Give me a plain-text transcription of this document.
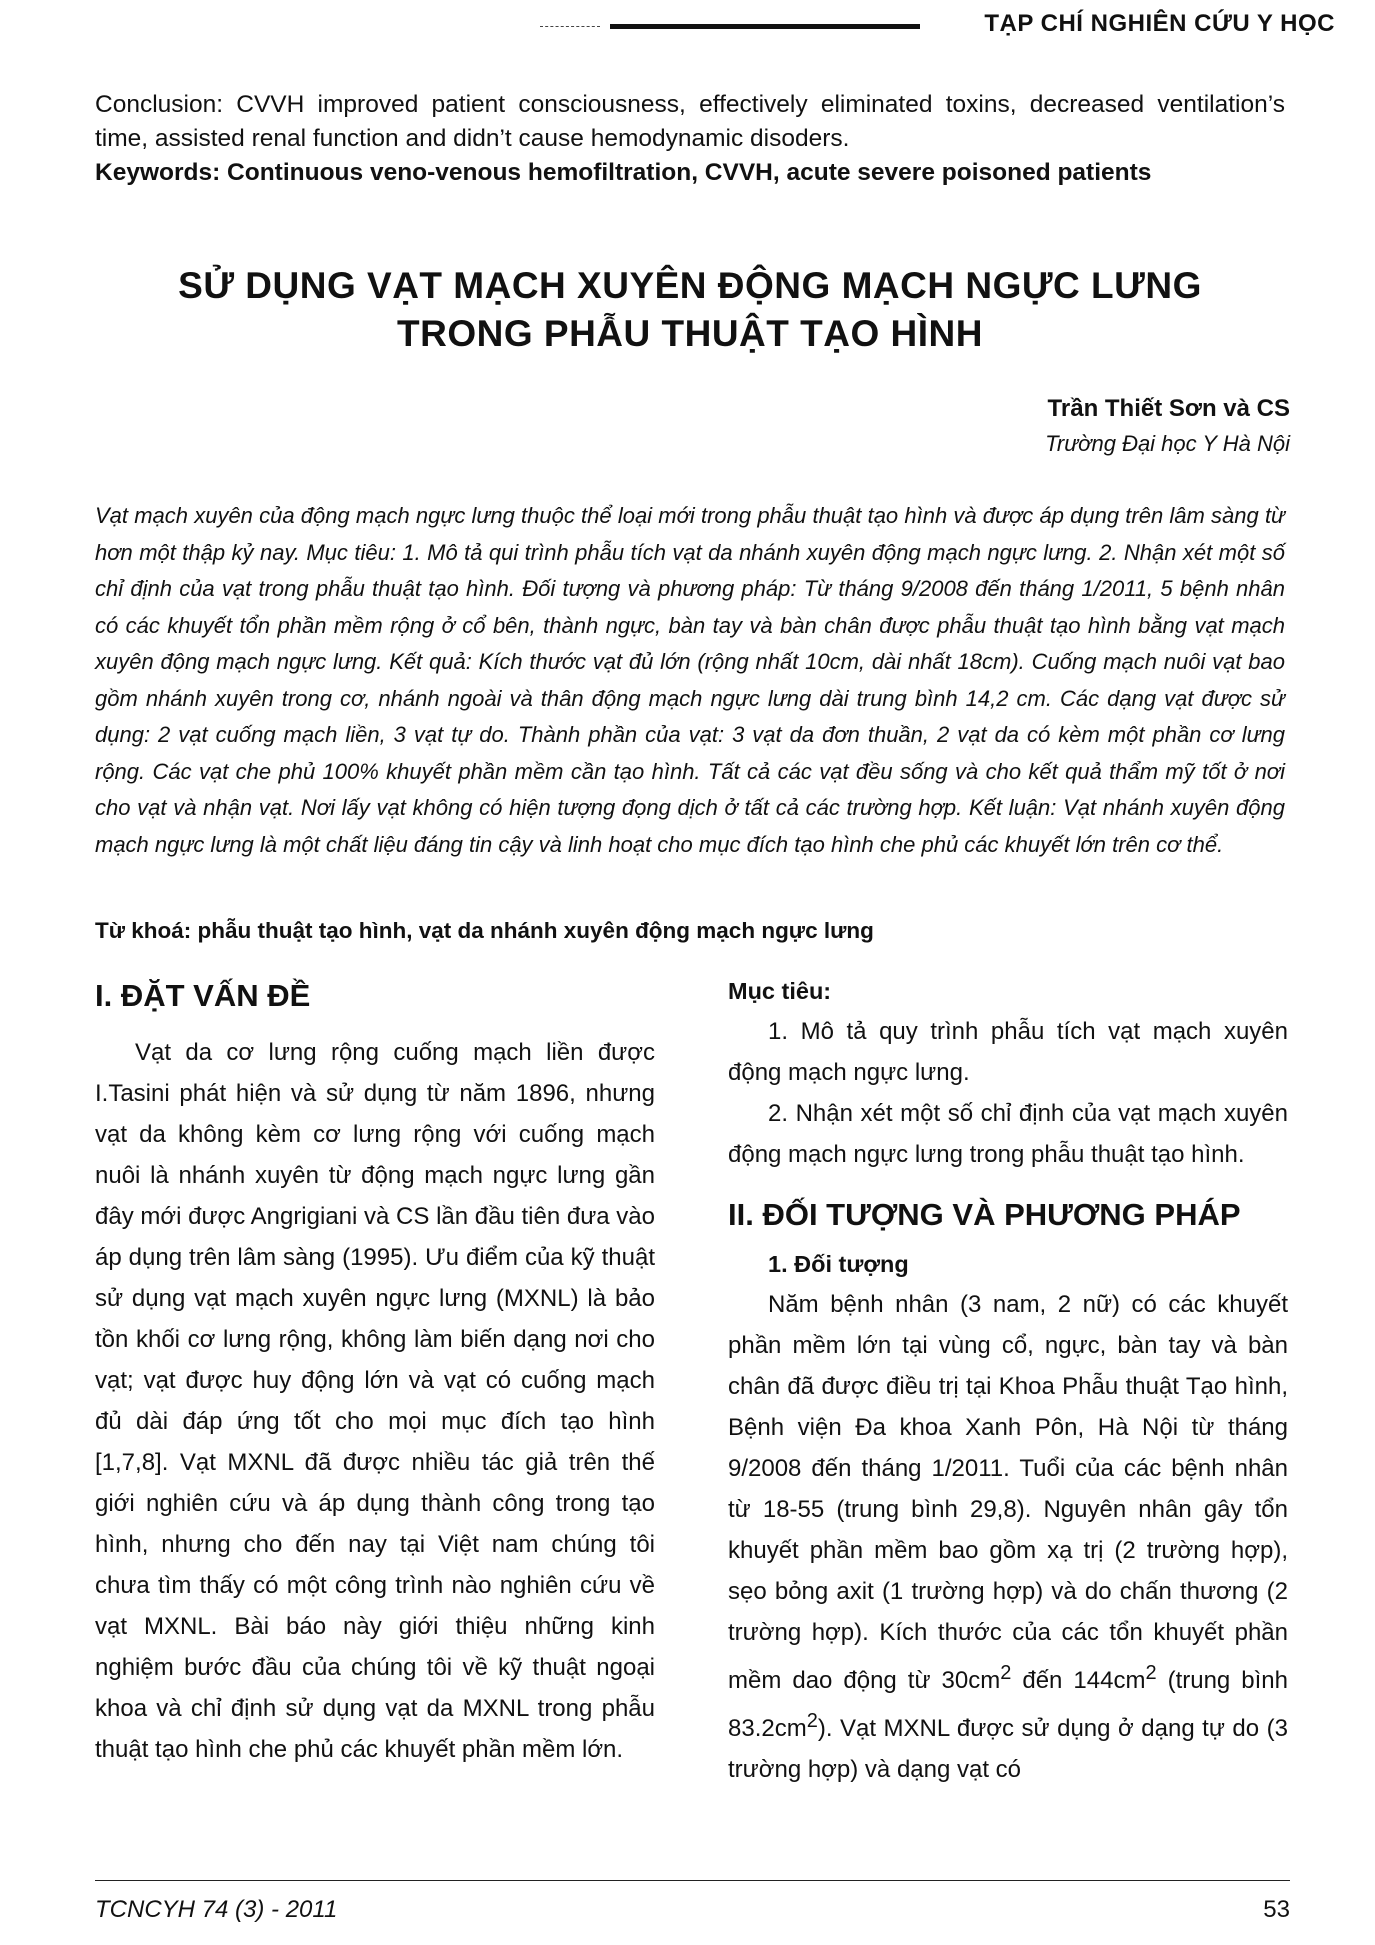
TẠP CHÍ NGHIÊN CỨU Y HỌC

Conclusion: CVVH improved patient consciousness, effectively eliminated toxins, decreased ventilation’s time, assisted renal function and didn’t cause hemodynamic disoders.

Keywords: Continuous veno-venous hemofiltration, CVVH, acute severe poisoned patients

SỬ DỤNG VẠT MẠCH XUYÊN ĐỘNG MẠCH NGỰC LƯNG
TRONG PHẪU THUẬT TẠO HÌNH
Trần Thiết Sơn và CS
Trường Đại học Y Hà Nội
Vạt mạch xuyên của động mạch ngực lưng thuộc thể loại mới trong phẫu thuật tạo hình và được áp dụng trên lâm sàng từ hơn một thập kỷ nay. Mục tiêu: 1. Mô tả qui trình phẫu tích vạt da nhánh xuyên động mạch ngực lưng. 2. Nhận xét một số chỉ định của vạt trong phẫu thuật tạo hình. Đối tượng và phương pháp: Từ tháng 9/2008 đến tháng 1/2011, 5 bệnh nhân có các khuyết tổn phần mềm rộng ở cổ bên, thành ngực, bàn tay và bàn chân được phẫu thuật tạo hình bằng vạt mạch xuyên động mạch ngực lưng. Kết quả: Kích thước vạt đủ lớn (rộng nhất 10cm, dài nhất 18cm). Cuống mạch nuôi vạt bao gồm nhánh xuyên trong cơ, nhánh ngoài và thân động mạch ngực lưng dài trung bình 14,2 cm. Các dạng vạt được sử dụng: 2 vạt cuống mạch liền, 3 vạt tự do. Thành phần của vạt: 3 vạt da đơn thuần, 2 vạt da có kèm một phần cơ lưng rộng. Các vạt che phủ 100% khuyết phần mềm cần tạo hình. Tất cả các vạt đều sống và cho kết quả thẩm mỹ tốt ở nơi cho vạt và nhận vạt. Nơi lấy vạt không có hiện tượng đọng dịch ở tất cả các trường hợp. Kết luận: Vạt nhánh xuyên động mạch ngực lưng là một chất liệu đáng tin cậy và linh hoạt cho mục đích tạo hình che phủ các khuyết lớn trên cơ thể.
Từ khoá: phẫu thuật tạo hình, vạt da nhánh xuyên động mạch ngực lưng
I. ĐẶT VẤN ĐỀ

Vạt da cơ lưng rộng cuống mạch liền được I.Tasini phát hiện và sử dụng từ năm 1896, nhưng vạt da không kèm cơ lưng rộng với cuống mạch nuôi là nhánh xuyên từ động mạch ngực lưng gần đây mới được Angrigiani và CS lần đầu tiên đưa vào áp dụng trên lâm sàng (1995). Ưu điểm của kỹ thuật sử dụng vạt mạch xuyên ngực lưng (MXNL) là bảo tồn khối cơ lưng rộng, không làm biến dạng nơi cho vạt; vạt được huy động lớn và vạt có cuống mạch đủ dài đáp ứng tốt cho mọi mục đích tạo hình [1,7,8]. Vạt MXNL đã được nhiều tác giả trên thế giới nghiên cứu và áp dụng thành công trong tạo hình, nhưng cho đến nay tại Việt nam chúng tôi chưa tìm thấy có một công trình nào nghiên cứu về vạt MXNL. Bài báo này giới thiệu những kinh nghiệm bước đầu của chúng tôi về kỹ thuật ngoại khoa và chỉ định sử dụng vạt da MXNL trong phẫu thuật tạo hình che phủ các khuyết phần mềm lớn.

Mục tiêu:

1. Mô tả quy trình phẫu tích vạt mạch xuyên động mạch ngực lưng.

2. Nhận xét một số chỉ định của vạt mạch xuyên động mạch ngực lưng trong phẫu thuật tạo hình.

II. ĐỐI TƯỢNG VÀ PHƯƠNG PHÁP
1. Đối tượng

Năm bệnh nhân (3 nam, 2 nữ) có các khuyết phần mềm lớn tại vùng cổ, ngực, bàn tay và bàn chân đã được điều trị tại Khoa Phẫu thuật Tạo hình, Bệnh viện Đa khoa Xanh Pôn, Hà Nội từ tháng 9/2008 đến tháng 1/2011. Tuổi của các bệnh nhân từ 18-55 (trung bình 29,8). Nguyên nhân gây tổn khuyết phần mềm bao gồm xạ trị (2 trường hợp), sẹo bỏng axit (1 trường hợp) và do chấn thương (2 trường hợp). Kích thước của các tổn khuyết phần mềm dao động từ $30cm^2$ đến $144cm^2$ (trung bình $83.2cm^2$). Vạt MXNL được sử dụng ở dạng tự do (3 trường hợp) và dạng vạt có

TCNCYH 74 (3) - 2011	53
